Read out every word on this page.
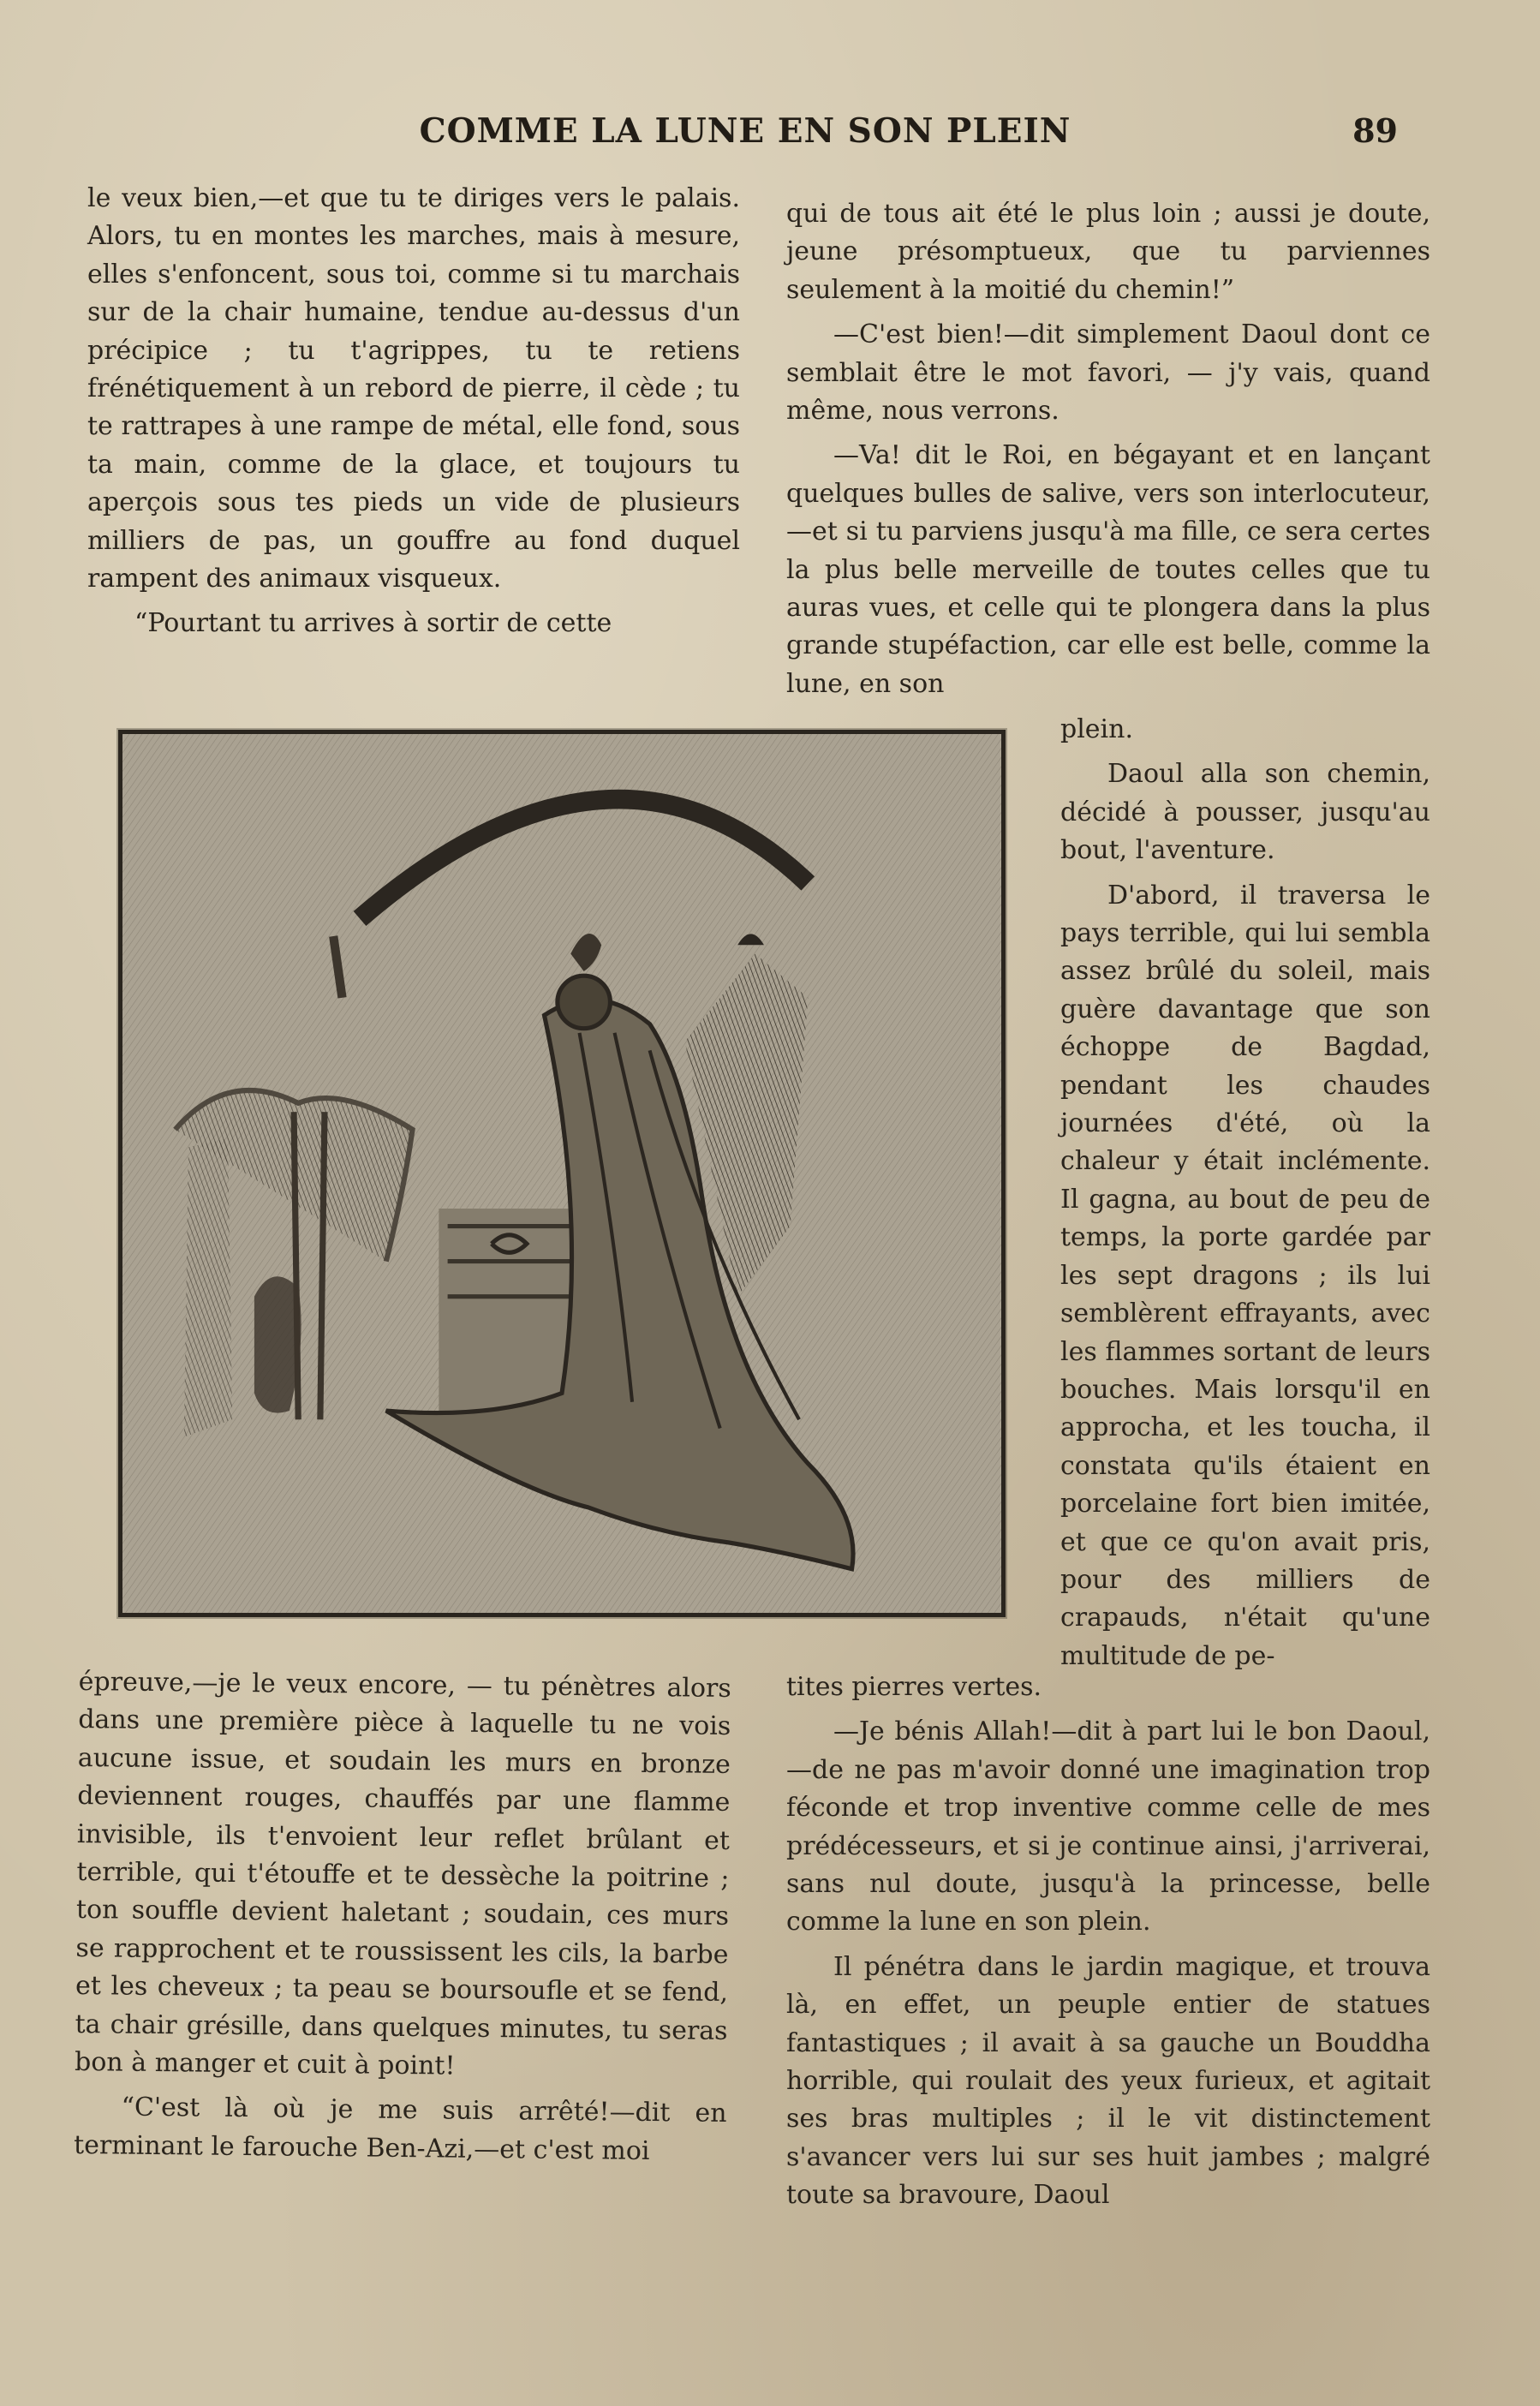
COMME LA LUNE EN SON PLEIN	89

le veux bien,—et que tu te diriges vers le palais. Alors, tu en montes les marches, mais à mesure, elles s'enfoncent, sous toi, comme si tu marchais sur de la chair humaine, tendue au-dessus d'un précipice ; tu t'agrippes, tu te retiens frénétiquement à un rebord de pierre, il cède ; tu te rattrapes à une rampe de métal, elle fond, sous ta main, comme de la glace, et toujours tu aperçois sous tes pieds un vide de plusieurs milliers de pas, un gouffre au fond duquel rampent des animaux visqueux.

“Pourtant tu arrives à sortir de cette

qui de tous ait été le plus loin ; aussi je doute, jeune présomptueux, que tu parviennes seulement à la moitié du chemin!”

—C'est bien!—dit simplement Daoul dont ce semblait être le mot favori, — j'y vais, quand même, nous verrons.

—Va! dit le Roi, en bégayant et en lançant quelques bulles de salive, vers son interlocuteur,—et si tu parviens jusqu'à ma fille, ce sera certes la plus belle merveille de toutes celles que tu auras vues, et celle qui te plongera dans la plus grande stupéfaction, car elle est belle, comme la lune, en son

plein.

Daoul alla son chemin, décidé à pousser, jusqu'au bout, l'aventure.

D'abord, il traversa le pays terrible, qui lui sembla assez brûlé du soleil, mais guère davantage que son échoppe de Bagdad, pendant les chaudes journées d'été, où la chaleur y était inclémente. Il gagna, au bout de peu de temps, la porte gardée par les sept dragons ; ils lui semblèrent effrayants, avec les flammes sortant de leurs bouches. Mais lorsqu'il en approcha, et les toucha, il constata qu'ils étaient en porcelaine fort bien imitée, et que ce qu'on avait pris, pour des milliers de crapauds, n'était qu'une multitude de pe-

tites pierres vertes.

—Je bénis Allah!—dit à part lui le bon Daoul,—de ne pas m'avoir donné une imagination trop féconde et trop inventive comme celle de mes prédécesseurs, et si je continue ainsi, j'arriverai, sans nul doute, jusqu'à la princesse, belle comme la lune en son plein.

Il pénétra dans le jardin magique, et trouva là, en effet, un peuple entier de statues fantastiques ; il avait à sa gauche un Bouddha horrible, qui roulait des yeux furieux, et agitait ses bras multiples ; il le vit distinctement s'avancer vers lui sur ses huit jambes ; malgré toute sa bravoure, Daoul

épreuve,—je le veux encore, — tu pénètres alors dans une première pièce à laquelle tu ne vois aucune issue, et soudain les murs en bronze deviennent rouges, chauffés par une flamme invisible, ils t'envoient leur reflet brûlant et terrible, qui t'étouffe et te dessèche la poitrine ; ton souffle devient haletant ; soudain, ces murs se rapprochent et te roussissent les cils, la barbe et les cheveux ; ta peau se boursoufle et se fend, ta chair grésille, dans quelques minutes, tu seras bon à manger et cuit à point!

“C'est là où je me suis arrêté!—dit en terminant le farouche Ben-Azi,—et c'est moi
